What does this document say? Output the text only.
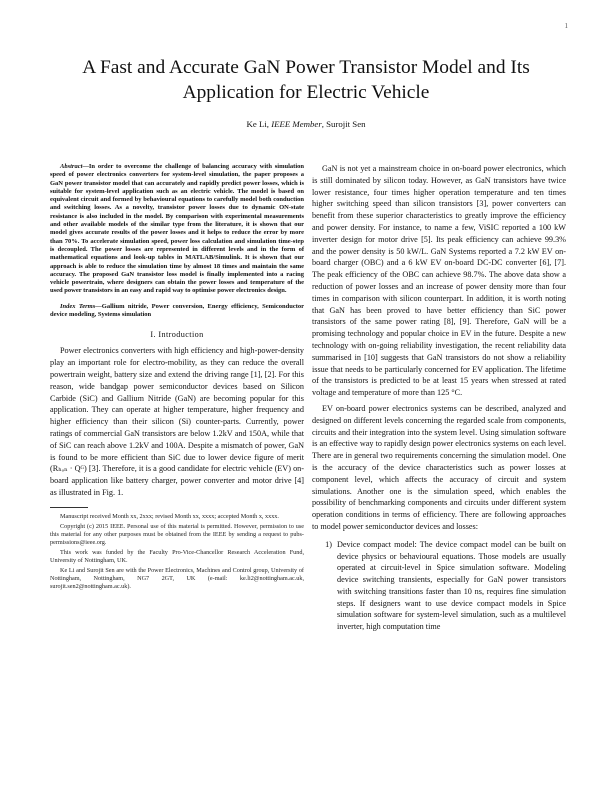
1
A Fast and Accurate GaN Power Transistor Model and Its Application for Electric Vehicle
Ke Li, IEEE Member, Surojit Sen

Abstract—In order to overcome the challenge of balancing accuracy with simulation speed of power electronics converters for system-level simulation, the paper proposes a GaN power transistor model that can accurately and rapidly predict power losses, which is suitable for system-level application such as an electric vehicle. The model is based on equivalent circuit and formed by behavioural equations to carefully model both conduction and switching losses. As a novelty, transistor power losses due to dynamic ON-state resistance is also included in the model. By comparison with experimental measurements and other available models of the similar type from the literature, it is shown that our model gives accurate results of the power losses and it helps to reduce the error by more than 70%. To accelerate simulation speed, power loss calculation and simulation time-step is decoupled. The power losses are represented in different levels and in the form of mathematical equations and look-up tables in MATLAB/Simulink. It is shown that our approach is able to reduce the simulation time by almost 18 times and maintain the same accuracy. The proposed GaN transistor loss model is finally implemented into a racing vehicle powertrain, where designers can obtain the power losses and temperature of the used power transistors in an easy and rapid way to optimise power electronics design.

Index Terms—Gallium nitride, Power conversion, Energy efficiency, Semiconductor device modeling, Systems simulation

I. Introduction

Power electronics converters with high efficiency and high-power-density play an important role for electro-mobility, as they can reduce the overall powertrain weight, battery size and extend the driving range [1], [2]. For this reason, wide bandgap power semiconductor devices based on Silicon Carbide (SiC) and Gallium Nitride (GaN) are becoming popular for this application. They can operate at higher temperature, higher frequency and higher efficiency than their silicon (Si) counter-parts. Currently, power ratings of commercial GaN transistors are below 1.2kV and 150A, while that of SiC can reach above 1.2kV and 100A. Despite a mismatch of power, GaN is found to be more efficient than SiC due to lower device figure of merit (Rₕₒₙ · Qᴳ) [3]. Therefore, it is a good candidate for electric vehicle (EV) on-board application like battery charger, power converter and motor drive [4] as illustrated in Fig. 1.

Manuscript received Month xx, 2xxx; revised Month xx, xxxx; accepted Month x, xxxx.

Copyright (c) 2015 IEEE. Personal use of this material is permitted. However, permission to use this material for any other purposes must be obtained from the IEEE by sending a request to pubs-permissions@ieee.org.

This work was funded by the Faculty Pro-Vice-Chancellor Research Acceleration Fund, University of Nottingham, UK.

Ke Li and Surojit Sen are with the Power Electronics, Machines and Control group, University of Nottingham, Nottingham, NG7 2GT, UK (e-mail: ke.li2@nottingham.ac.uk, surojit.sen2@nottingham.ac.uk).

GaN is not yet a mainstream choice in on-board power electronics, which is still dominated by silicon today. However, as GaN transistors have twice lower resistance, four times higher operation temperature and ten times higher switching speed than silicon transistors [3], power converters can benefit from these superior characteristics to greatly improve the efficiency and power density. For instance, to name a few, ViSIC reported a 100 kW inverter design for motor drive [5]. Its peak efficiency can achieve 99.3% and the power density is 50 kW/L. GaN Systems reported a 7.2 kW EV on-board charger (OBC) and a 6 kW EV on-board DC-DC converter [6], [7]. The peak efficiency of the OBC can achieve 98.7%. The above data show a reduction of power losses and an increase of power density more than four times in comparison with silicon counterpart. In addition, it is worth noting that GaN has been proved to have better efficiency than SiC power transistors of the same power rating [8], [9]. Therefore, GaN will be a promising technology and popular choice in EV in the future. Despite a new technology with on-going reliability investigation, the recent reliability data summarised in [10] suggests that GaN transistors do not show a reliability issue that needs to be particularly concerned for EV application. The lifetime of the transistors is predicted to be at least 15 years when stressed at rated voltage and temperature of more than 125 °C.

EV on-board power electronics systems can be described, analyzed and designed on different levels concerning the regarded scale from components, circuits and their integration into the system level. Using simulation software is an effective way to rapidly design power electronics systems on each level. There are in general two requirements concerning the simulation model. One is the accuracy of the device characteristics such as power losses at component level, which affects the accuracy of circuit and system simulations. Another one is the simulation speed, which enables the possibility of benchmarking components and circuits under different system operation conditions in terms of efficiency. There are following approaches to model power semiconductor devices and losses:

1) Device compact model: The device compact model can be built on device physics or behavioural equations. Those models are usually operated at circuit-level in Spice simulation software. Modeling device switching transients, especially for GaN power transistors with switching transitions faster than 10 ns, requires fine simulation steps. If designers want to use device compact models in Spice simulation software for system-level simulation, such as a multilevel inverter, high computation time
